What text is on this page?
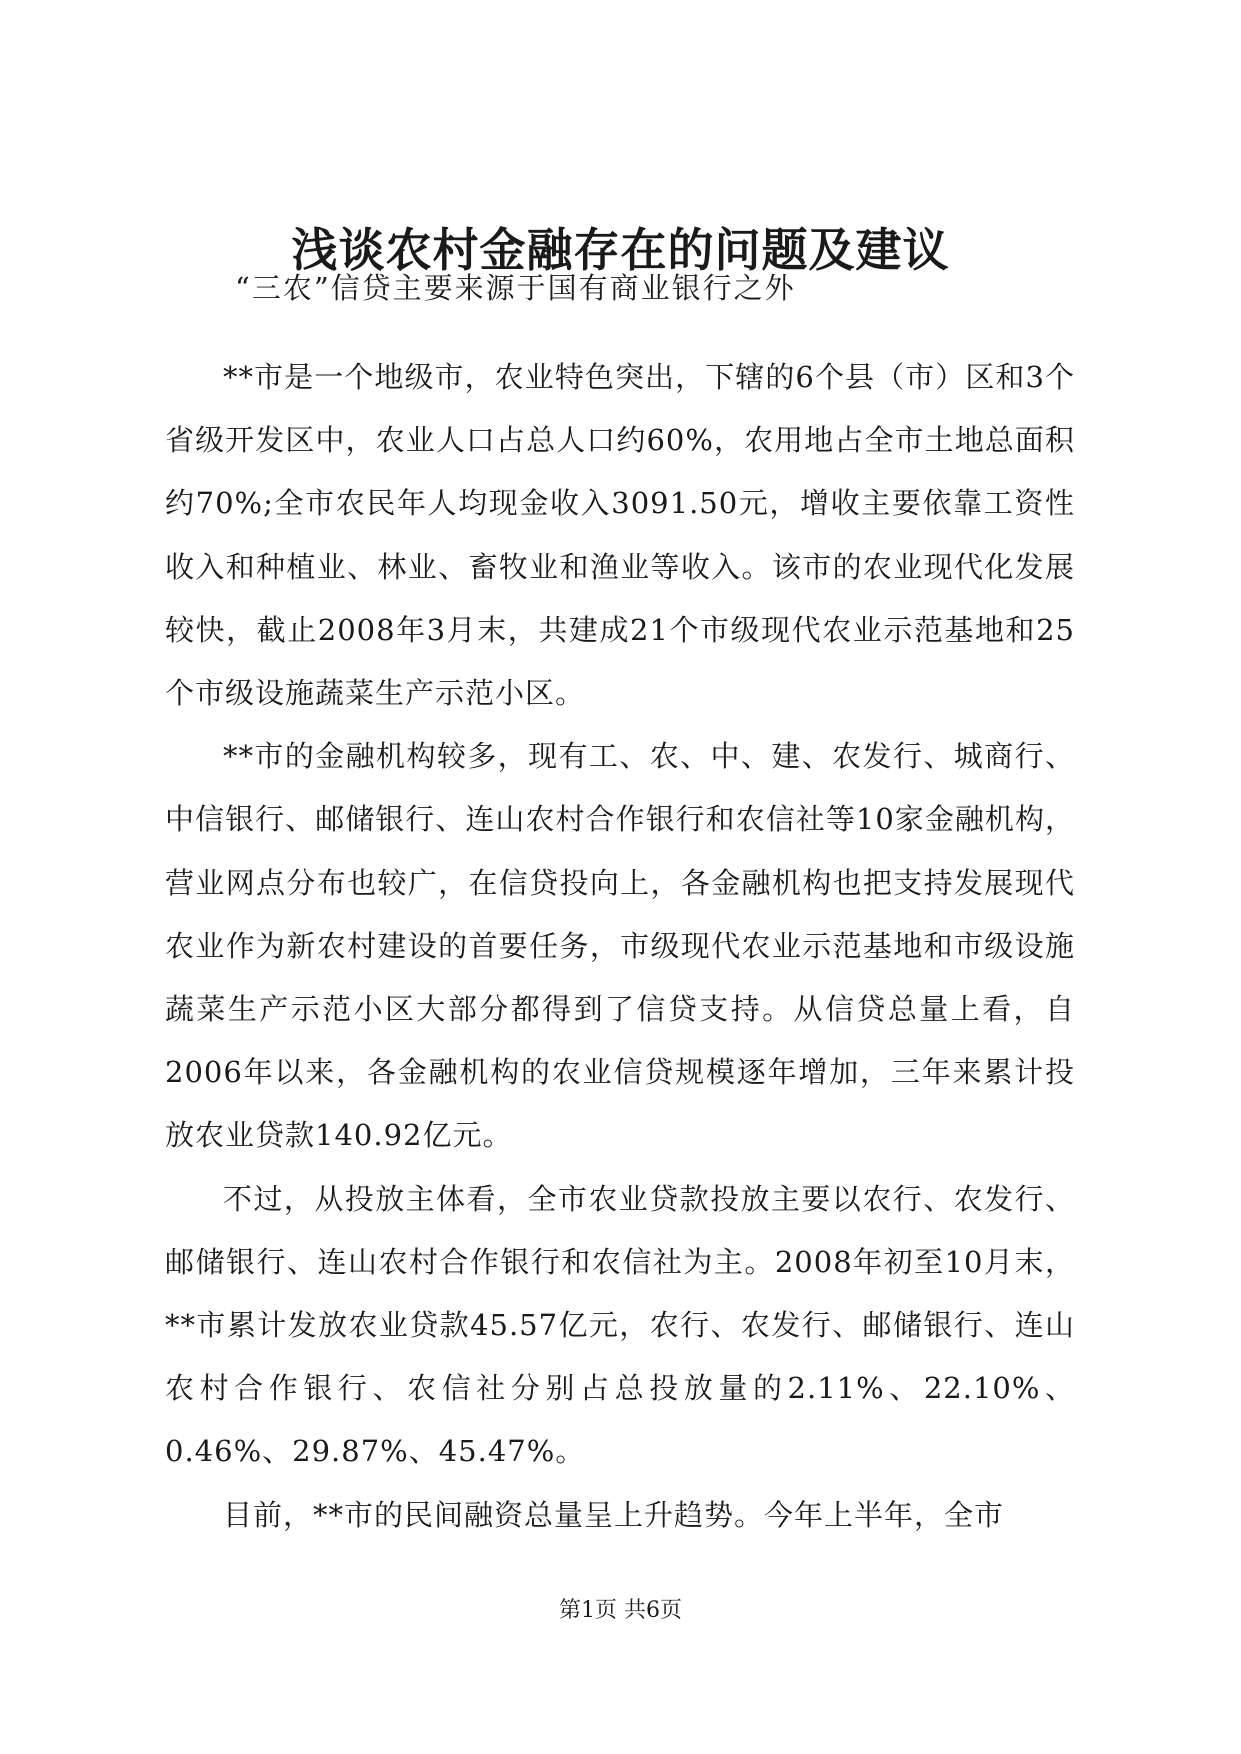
浅谈农村金融存在的问题及建议

“三农”信贷主要来源于国有商业银行之外

**市是一个地级市，农业特色突出，下辖的6个县（市）区和3个省级开发区中，农业人口占总人口约60%，农用地占全市土地总面积约70%;全市农民年人均现金收入3091.50元，增收主要依靠工资性收入和种植业、林业、畜牧业和渔业等收入。该市的农业现代化发展较快，截止2008年3月末，共建成21个市级现代农业示范基地和25个市级设施蔬菜生产示范小区。

**市的金融机构较多，现有工、农、中、建、农发行、城商行、中信银行、邮储银行、连山农村合作银行和农信社等10家金融机构，营业网点分布也较广，在信贷投向上，各金融机构也把支持发展现代农业作为新农村建设的首要任务，市级现代农业示范基地和市级设施蔬菜生产示范小区大部分都得到了信贷支持。从信贷总量上看，自2006年以来，各金融机构的农业信贷规模逐年增加，三年来累计投放农业贷款140.92亿元。

不过，从投放主体看，全市农业贷款投放主要以农行、农发行、邮储银行、连山农村合作银行和农信社为主。2008年初至10月末，**市累计发放农业贷款45.57亿元，农行、农发行、邮储银行、连山农村合作银行、农信社分别占总投放量的2.11%、22.10%、0.46%、29.87%、45.47%。

目前，**市的民间融资总量呈上升趋势。今年上半年，全市

第1页 共6页
